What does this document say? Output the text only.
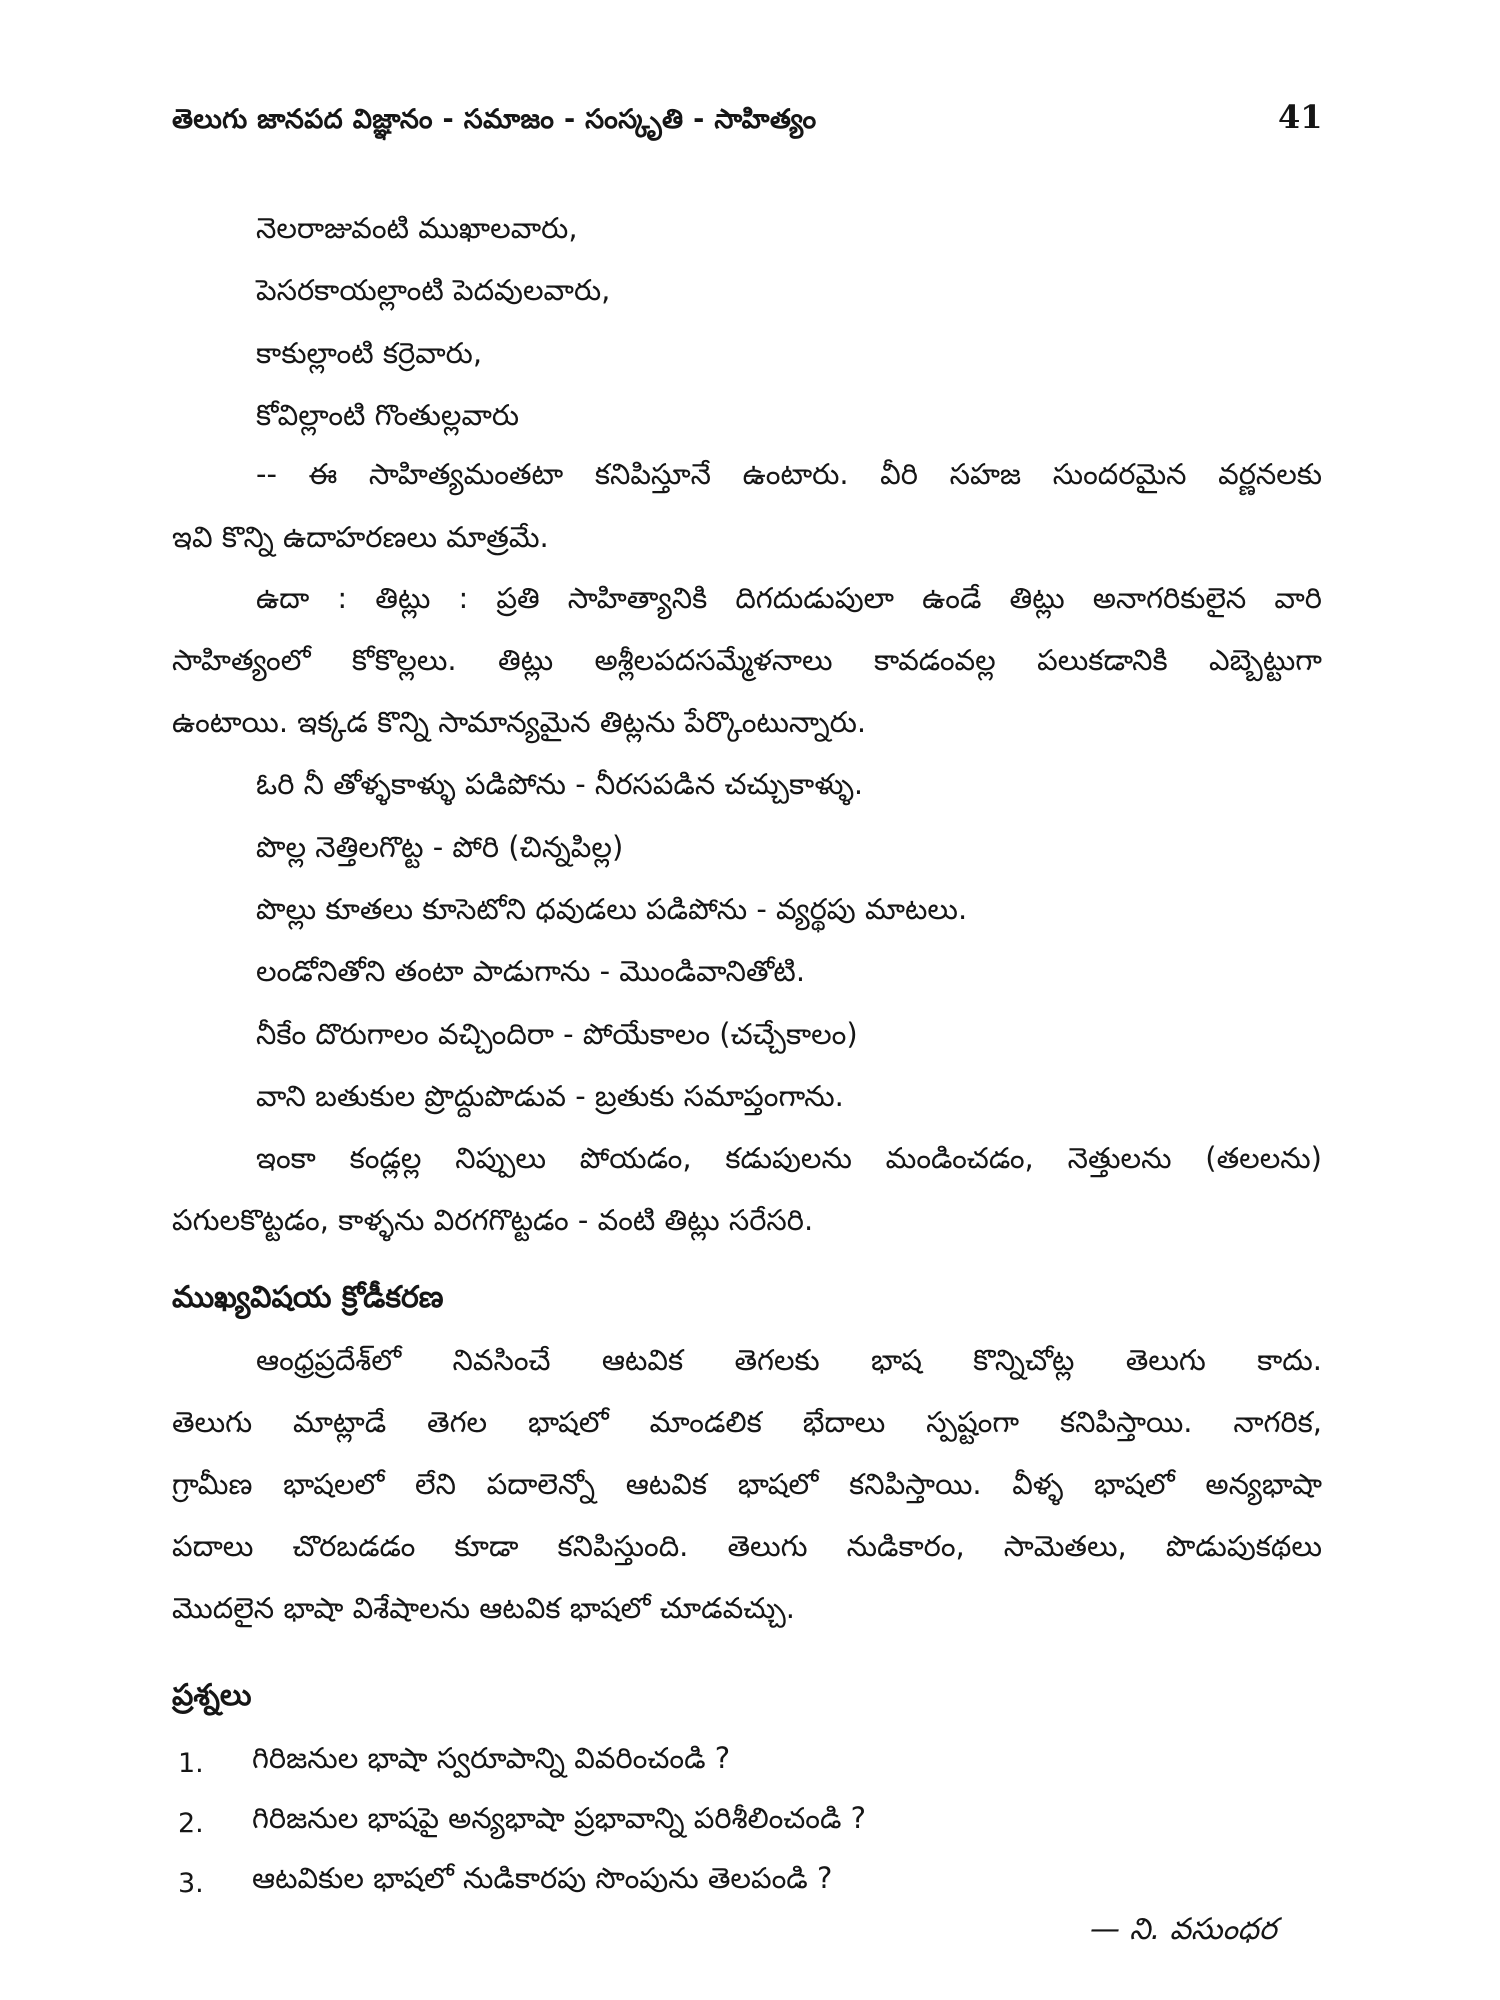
తెలుగు జానపద విజ్ఞానం - సమాజం - సంస్కృతి - సాహిత్యం	41
నెలరాజువంటి ముఖాలవారు,
పెసరకాయల్లాంటి పెదవులవారు,
కాకుల్లాంటి కర్రెవారు,
కోవిల్లాంటి గొంతుల్లవారు
-- ఈ సాహిత్యమంతటా కనిపిస్తూనే ఉంటారు. వీరి సహజ సుందరమైన వర్ణనలకు
ఇవి కొన్ని ఉదాహరణలు మాత్రమే.
ఉదా : తిట్లు : ప్రతి సాహిత్యానికి దిగదుడుపులా ఉండే తిట్లు అనాగరికులైన వారి
సాహిత్యంలో కోకొల్లలు. తిట్లు అశ్లీలపదసమ్మేళనాలు కావడంవల్ల పలుకడానికి ఎబ్బెట్టుగా
ఉంటాయి. ఇక్కడ కొన్ని సామాన్యమైన తిట్లను పేర్కొంటున్నారు.
ఓరి నీ తోళ్ళకాళ్ళు పడిపోను - నీరసపడిన చచ్చుకాళ్ళు.
పొల్ల నెత్తిలగొట్ట - పోరి (చిన్నపిల్ల)
పొల్లు కూతలు కూసెటోని ధవుడలు పడిపోను - వ్యర్థపు మాటలు.
లండోనితోని తంటా పాడుగాను - మొండివానితోటి.
నీకేం దొరుగాలం వచ్చిందిరా - పోయేకాలం (చచ్చేకాలం)
వాని బతుకుల ప్రొద్దుపొడువ - బ్రతుకు సమాప్తంగాను.
ఇంకా కండ్లల్ల నిప్పులు పోయడం, కడుపులను మండించడం, నెత్తులను (తలలను)
పగులకొట్టడం, కాళ్ళను విరగగొట్టడం - వంటి తిట్లు సరేసరి.
ముఖ్యవిషయ క్రోడీకరణ
ఆంధ్రప్రదేశ్‌లో నివసించే ఆటవిక తెగలకు భాష కొన్నిచోట్ల తెలుగు కాదు.
తెలుగు మాట్లాడే తెగల భాషలో మాండలిక భేదాలు స్పష్టంగా కనిపిస్తాయి. నాగరిక,
గ్రామీణ భాషలలో లేని పదాలెన్నో ఆటవిక భాషలో కనిపిస్తాయి. వీళ్ళ భాషలో అన్యభాషా
పదాలు చొరబడడం కూడా కనిపిస్తుంది. తెలుగు నుడికారం, సామెతలు, పొడుపుకథలు
మొదలైన భాషా విశేషాలను ఆటవిక భాషలో చూడవచ్చు.
ప్రశ్నలు
1. గిరిజనుల భాషా స్వరూపాన్ని వివరించండి ?
2. గిరిజనుల భాషపై అన్యభాషా ప్రభావాన్ని పరిశీలించండి ?
3. ఆటవికుల భాషలో నుడికారపు సొంపును తెలపండి ?
— ని. వసుంధర
